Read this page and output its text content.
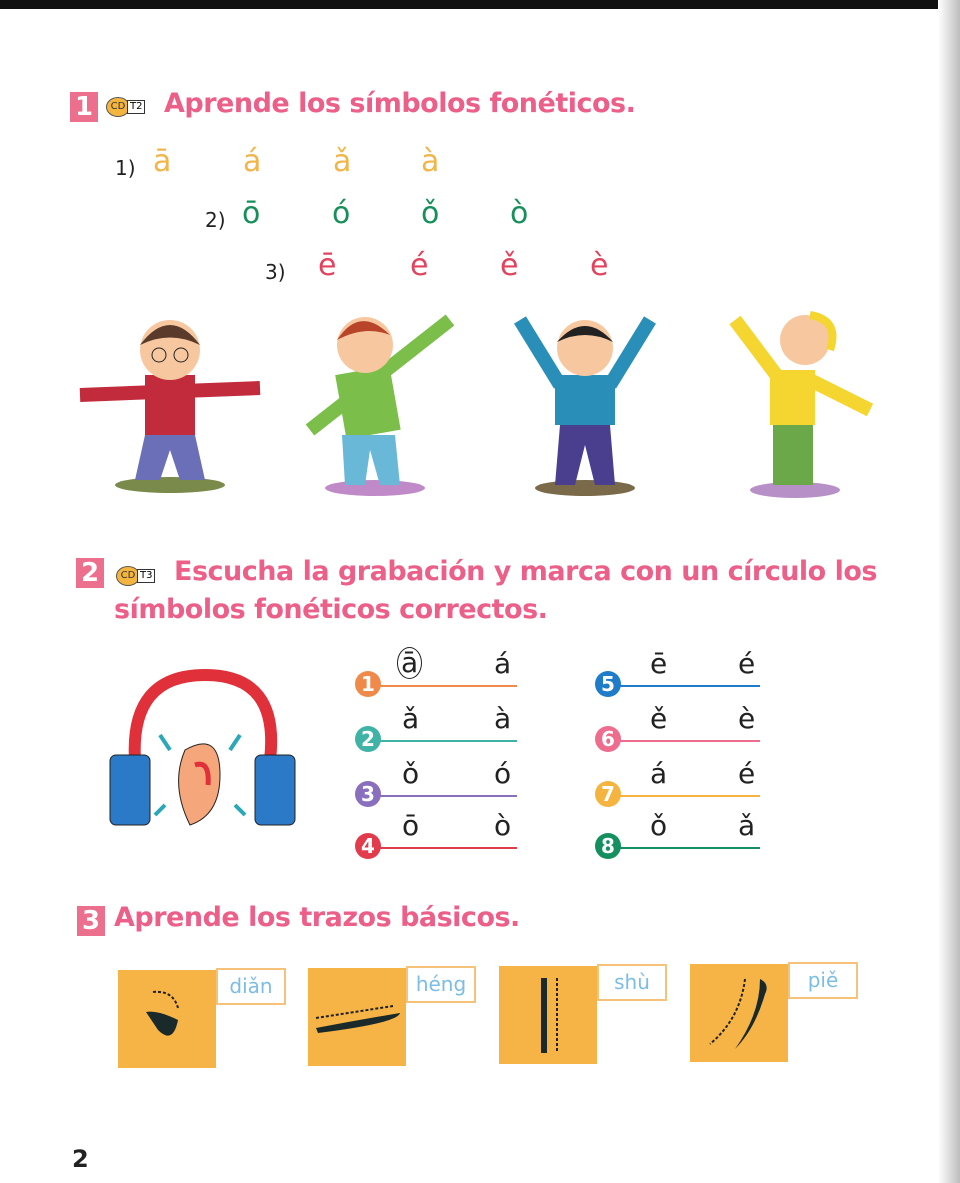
1	CD T2 Aprende los símbolos fonéticos.
1) ā á ǎ à
2) ō ó ǒ ò
3) ē é ě è
2	CD T3 Escucha la grabación y marca con un círculo los
símbolos fonéticos correctos.
1
ā	á
2
ǎ	à
3
ǒ	ó
4
ō	ò
5
ē	é
6
ě	è
7
á	é
8
ǒ	ǎ
3 Aprende los trazos básicos.
diǎn	héng	shù	piě
2
